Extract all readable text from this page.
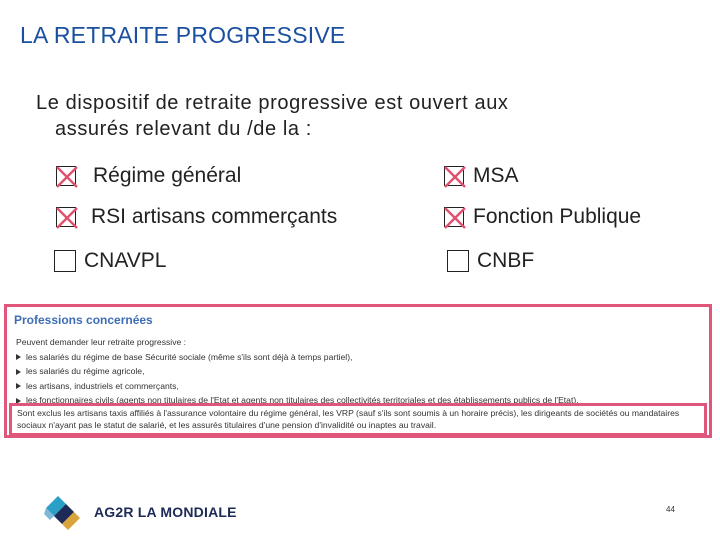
LA RETRAITE PROGRESSIVE
Le dispositif de retraite progressive est ouvert aux
assurés relevant du /de la :
Régime général	MSA
RSI artisans commerçants	Fonction Publique
CNAVPL	CNBF
Professions concernées
Peuvent demander leur retraite progressive :
les salariés du régime de base Sécurité sociale (même s'ils sont déjà à temps partiel),
les salariés du régime agricole,
les artisans, industriels et commerçants,
les fonctionnaires civils (agents non titulaires de l'Etat et agents non titulaires des collectivités territoriales et des établissements publics de l'Etat).
Sont exclus les artisans taxis affiliés à l'assurance volontaire du régime général, les VRP (sauf s'ils sont soumis à un horaire précis), les dirigeants de sociétés ou mandataires sociaux n'ayant pas le statut de salarié, et les assurés titulaires d'une pension d'invalidité ou inaptes au travail.
AG2R LA MONDIALE	44
